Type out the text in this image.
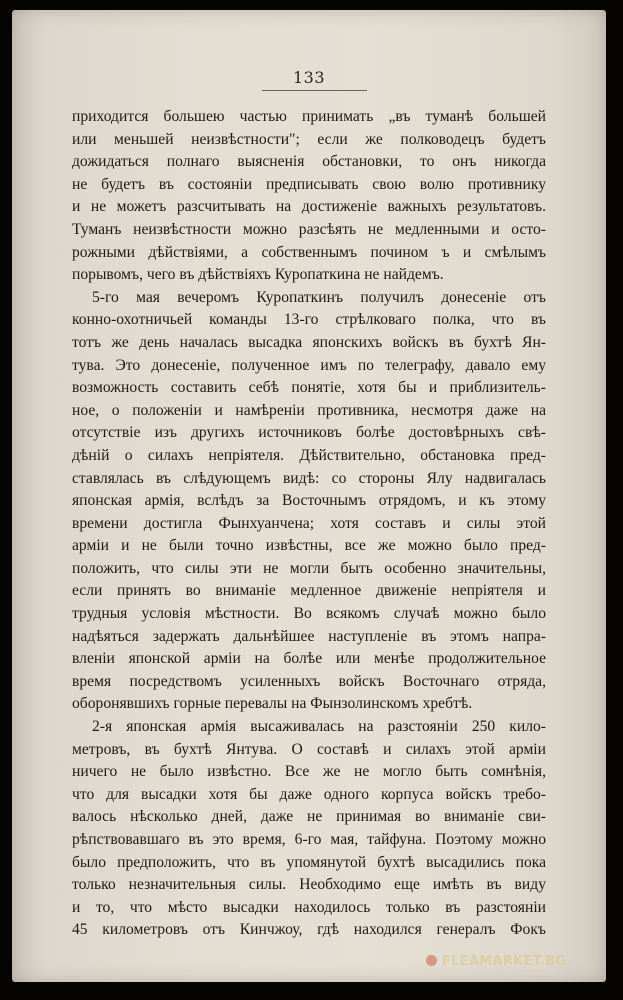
133
приходится большею частью принимать „въ туманѣ большей
или меньшей неизвѣстности"; если же полководецъ будетъ
дожидаться полнаго выясненія обстановки, то онъ никогда
не будетъ въ состояніи предписывать свою волю противнику
и не можетъ разсчитывать на достиженіе важныхъ результатовъ.
Туманъ неизвѣстности можно разсѣять не медленными и осто-
рожными дѣйствіями, а собственнымъ почином ъ и смѣлымъ
порывомъ, чего въ дѣйствіяхъ Куропаткина не найдемъ.
5-го мая вечеромъ Куропаткинъ получилъ донесеніе отъ
конно-охотничьей команды 13-го стрѣлковаго полка, что въ
тотъ же день началась высадка японскихъ войскъ въ бухтѣ Ян-
тува. Это донесеніе, полученное имъ по телеграфу, давало ему
возможность составить себѣ понятіе, хотя бы и приблизитель-
ное, о положеніи и намѣреніи противника, несмотря даже на
отсутствіе изъ другихъ источниковъ болѣе достовѣрныхъ свѣ-
дѣній о силахъ непріятеля. Дѣйствительно, обстановка пред-
ставлялась въ слѣдующемъ видѣ: со стороны Ялу надвигалась
японская армія, вслѣдъ за Восточнымъ отрядомъ, и къ этому
времени достигла Фынхуанчена; хотя составъ и силы этой
арміи и не были точно извѣстны, все же можно было пред-
положить, что силы эти не могли быть особенно значительны,
если принять во вниманіе медленное движеніе непріятеля и
трудныя условія мѣстности. Во всякомъ случаѣ можно было
надѣяться задержать дальнѣйшее наступленіе въ этомъ напра-
вленіи японской арміи на болѣе или менѣе продолжительное
время посредствомъ усиленныхъ войскъ Восточнаго отряда,
оборонявшихъ горные перевалы на Фынзолинскомъ хребтѣ.
2-я японская армія высаживалась на разстояніи 250 кило-
метровъ, въ бухтѣ Янтува. О составѣ и силахъ этой арміи
ничего не было извѣстно. Все же не могло быть сомнѣнія,
что для высадки хотя бы даже одного корпуса войскъ требо-
валось нѣсколько дней, даже не принимая во вниманіе сви-
рѣпствовавшаго въ это время, 6-го мая, тайфуна. Поэтому можно
было предположить, что въ упомянутой бухтѣ высадились пока
только незначительныя силы. Необходимо еще имѣть въ виду
и то, что мѣсто высадки находилось только въ разстояніи
45 километровъ отъ Кинчжоу, гдѣ находился генералъ Фокъ
FLEAMARKET.BG
